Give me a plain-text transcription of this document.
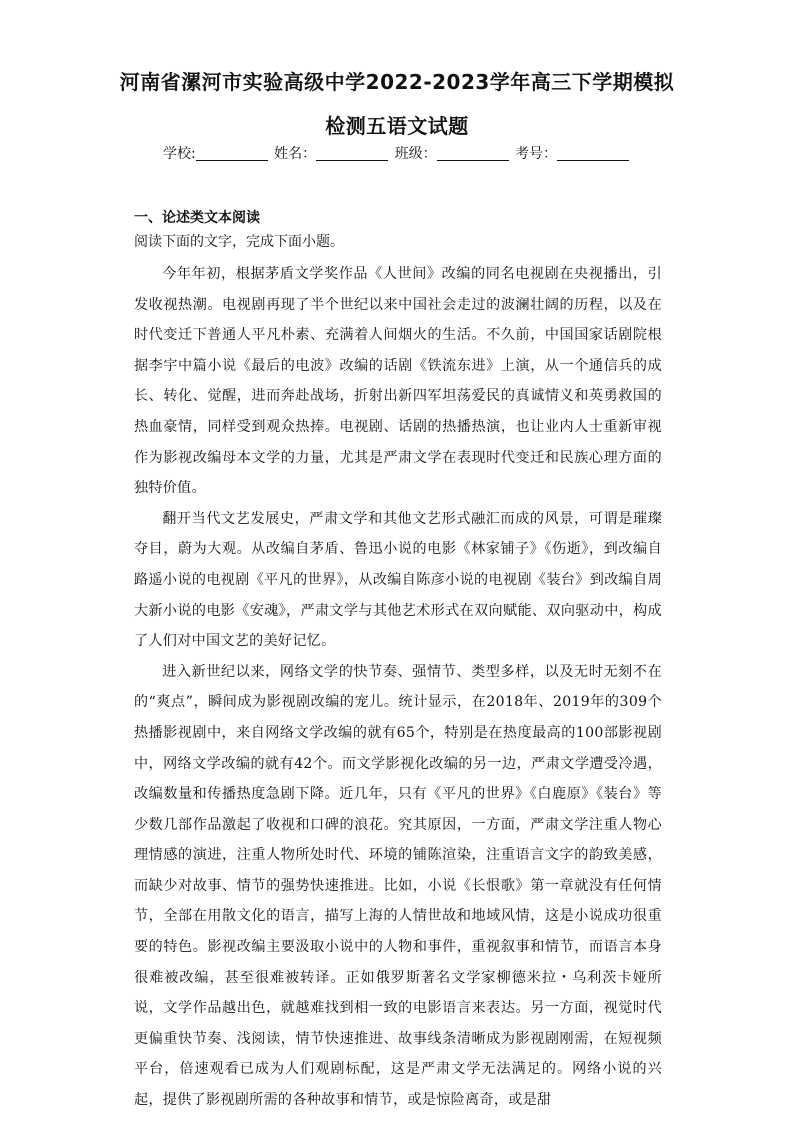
河南省漯河市实验高级中学2022-2023学年高三下学期模拟
检测五语文试题
学校:	姓名：	班级：	考号：
一、论述类文本阅读
阅读下面的文字，完成下面小题。

今年年初，根据茅盾文学奖作品《人世间》改编的同名电视剧在央视播出，引发收视热潮。电视剧再现了半个世纪以来中国社会走过的波澜壮阔的历程，以及在时代变迁下普通人平凡朴素、充满着人间烟火的生活。不久前，中国国家话剧院根据李宇中篇小说《最后的电波》改编的话剧《铁流东进》上演，从一个通信兵的成长、转化、觉醒，进而奔赴战场，折射出新四军坦荡爱民的真诚情义和英勇救国的热血豪情，同样受到观众热捧。电视剧、话剧的热播热演，也让业内人士重新审视作为影视改编母本文学的力量，尤其是严肃文学在表现时代变迁和民族心理方面的独特价值。

翻开当代文艺发展史，严肃文学和其他文艺形式融汇而成的风景，可谓是璀璨夺目，蔚为大观。从改编自茅盾、鲁迅小说的电影《林家铺子》《伤逝》，到改编自路遥小说的电视剧《平凡的世界》，从改编自陈彦小说的电视剧《装台》到改编自周大新小说的电影《安魂》，严肃文学与其他艺术形式在双向赋能、双向驱动中，构成了人们对中国文艺的美好记忆。

进入新世纪以来，网络文学的快节奏、强情节、类型多样，以及无时无刻不在的“爽点”，瞬间成为影视剧改编的宠儿。统计显示，在2018年、2019年的309个热播影视剧中，来自网络文学改编的就有65个，特别是在热度最高的100部影视剧中，网络文学改编的就有42个。而文学影视化改编的另一边，严肃文学遭受冷遇，改编数量和传播热度急剧下降。近几年，只有《平凡的世界》《白鹿原》《装台》等少数几部作品激起了收视和口碑的浪花。究其原因，一方面，严肃文学注重人物心理情感的演进，注重人物所处时代、环境的铺陈渲染，注重语言文字的韵致美感，而缺少对故事、情节的强势快速推进。比如，小说《长恨歌》第一章就没有任何情节，全部在用散文化的语言，描写上海的人情世故和地域风情，这是小说成功很重要的特色。影视改编主要汲取小说中的人物和事件，重视叙事和情节，而语言本身很难被改编，甚至很难被转译。正如俄罗斯著名文学家柳德米拉・乌利茨卡娅所说，文学作品越出色，就越难找到相一致的电影语言来表达。另一方面，视觉时代更偏重快节奏、浅阅读，情节快速推进、故事线条清晰成为影视剧刚需，在短视频平台，倍速观看已成为人们观剧标配，这是严肃文学无法满足的。网络小说的兴起，提供了影视剧所需的各种故事和情节，或是惊险离奇，或是甜
